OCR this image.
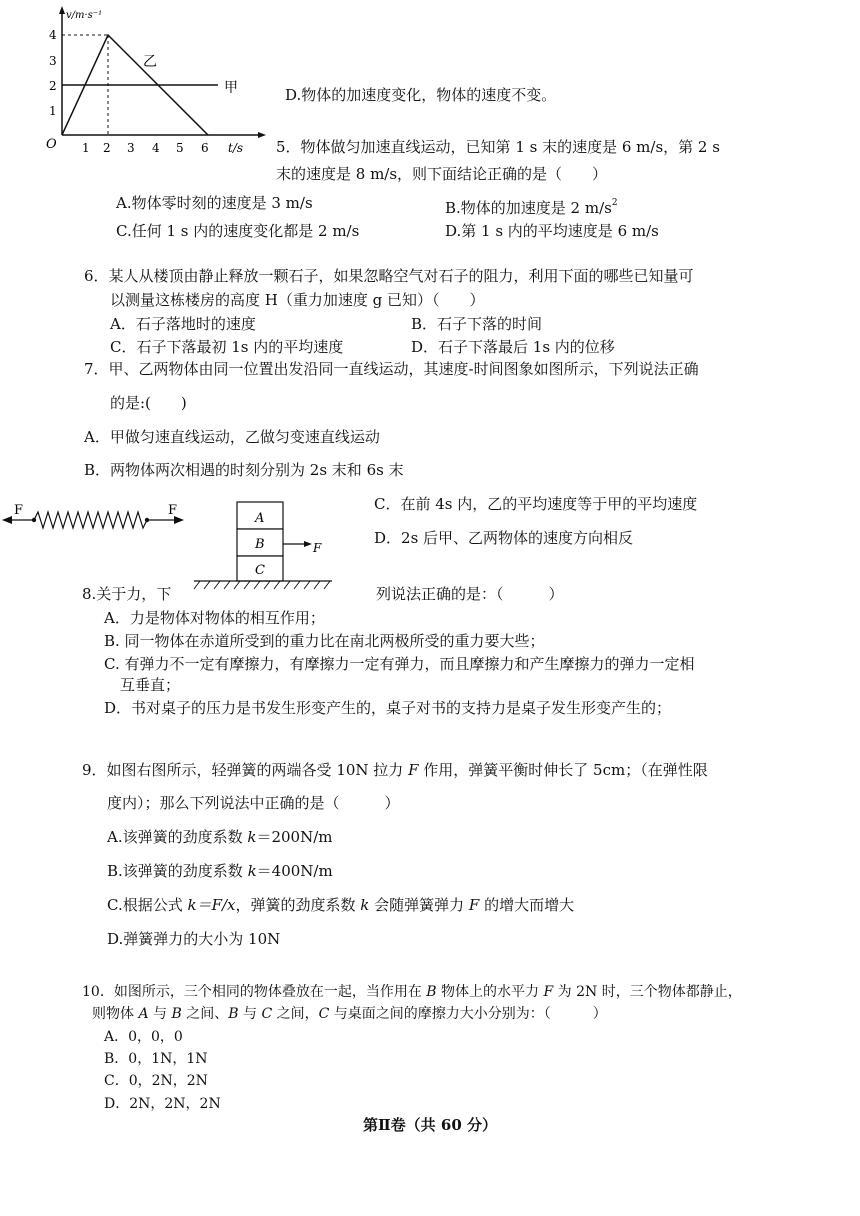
v/m·s⁻¹
t/s
O
1
2
3
4
1 2 3 4 5 6
乙
甲	D.物体的加速度变化，物体的速度不变。
5．物体做匀加速直线运动，已知第 1 s 末的速度是 6 m/s，第 2 s
末的速度是 8 m/s，则下面结论正确的是（　　）
A.物体零时刻的速度是 3 m/s	B.物体的加速度是 2 $m/s^2$
C.任何 1 s 内的速度变化都是 2 m/s	D.第 1 s 内的平均速度是 6 m/s
6．某人从楼顶由静止释放一颗石子，如果忽略空气对石子的阻力，利用下面的哪些已知量可
以测量这栋楼房的高度 H（重力加速度 g 已知）（　　）
A．石子落地时的速度	B．石子下落的时间
C．石子下落最初 1s 内的平均速度	D．石子下落最后 1s 内的位移
7．甲、乙两物体由同一位置出发沿同一直线运动，其速度-时间图象如图所示，下列说法正确
的是:(　　)
A．甲做匀速直线运动，乙做匀变速直线运动
B．两物体两次相遇的时刻分别为 2s 末和 6s 末
C．在前 4s 内，乙的平均速度等于甲的平均速度
D．2s 后甲、乙两物体的速度方向相反
F	F
A
B
C
F
8.关于力，下	列说法正确的是：（　　　）
A．力是物体对物体的相互作用；
B. 同一物体在赤道所受到的重力比在南北两极所受的重力要大些；
C. 有弹力不一定有摩擦力，有摩擦力一定有弹力，而且摩擦力和产生摩擦力的弹力一定相
互垂直；
D．书对桌子的压力是书发生形变产生的，桌子对书的支持力是桌子发生形变产生的；
9．如图右图所示，轻弹簧的两端各受 10N 拉力 F 作用，弹簧平衡时伸长了 5cm；（在弹性限
度内）；那么下列说法中正确的是（　　　）
A.该弹簧的劲度系数 k＝200N/m
B.该弹簧的劲度系数 k＝400N/m
C.根据公式 k＝F/x，弹簧的劲度系数 k 会随弹簧弹力 F 的增大而增大
D.弹簧弹力的大小为 10N
10．如图所示，三个相同的物体叠放在一起，当作用在 B 物体上的水平力 F 为 2N 时，三个物体都静止，
则物体 A 与 B 之间、B 与 C 之间，C 与桌面之间的摩擦力大小分别为：（　　　）
A．0，0，0
B．0，1N，1N
C．0，2N，2N
D．2N，2N，2N
第Ⅱ卷（共 60 分）
